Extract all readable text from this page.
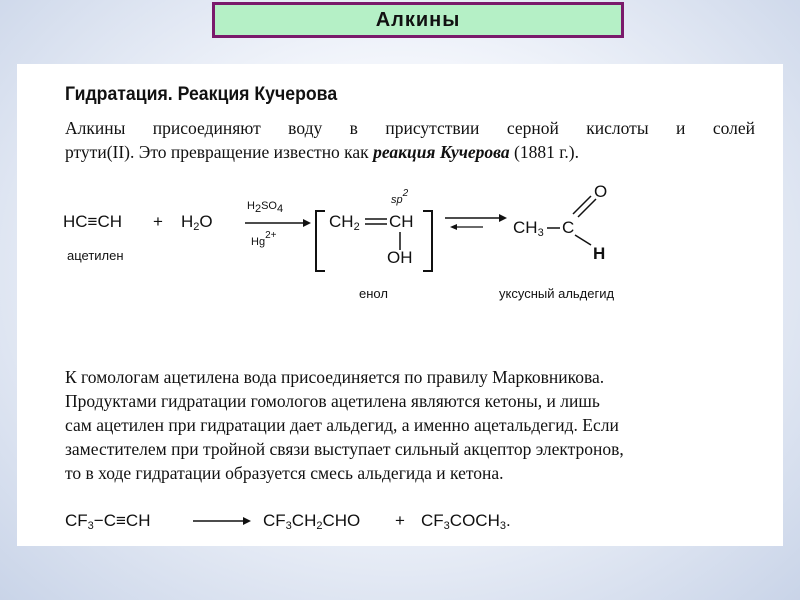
Алкины
Гидратация. Реакция Кучерова
Алкины присоединяют воду в присутствии серной кислоты и солей
ртути(II). Это превращение известно как реакция Кучерова (1881 г.).
$HC\equiv CH + H_2O$
H2SO4
Hg2+
sp2
$CH_2$ CH
OH
$CH_3$ C
O
H
ацетилен
енол	уксусный альдегид
К гомологам ацетилена вода присоединяется по правилу Марковникова.
Продуктами гидратации гомологов ацетилена являются кетоны, и лишь
сам ацетилен при гидратации дает альдегид, а именно ацетальдегид. Если
заместителем при тройной связи выступает сильный акцептор электронов,
то в ходе гидратации образуется смесь альдегида и кетона.
$CF_3-C\equiv CH$	$CF_3CH_2CHO$ + $CF_3COCH_3$.
